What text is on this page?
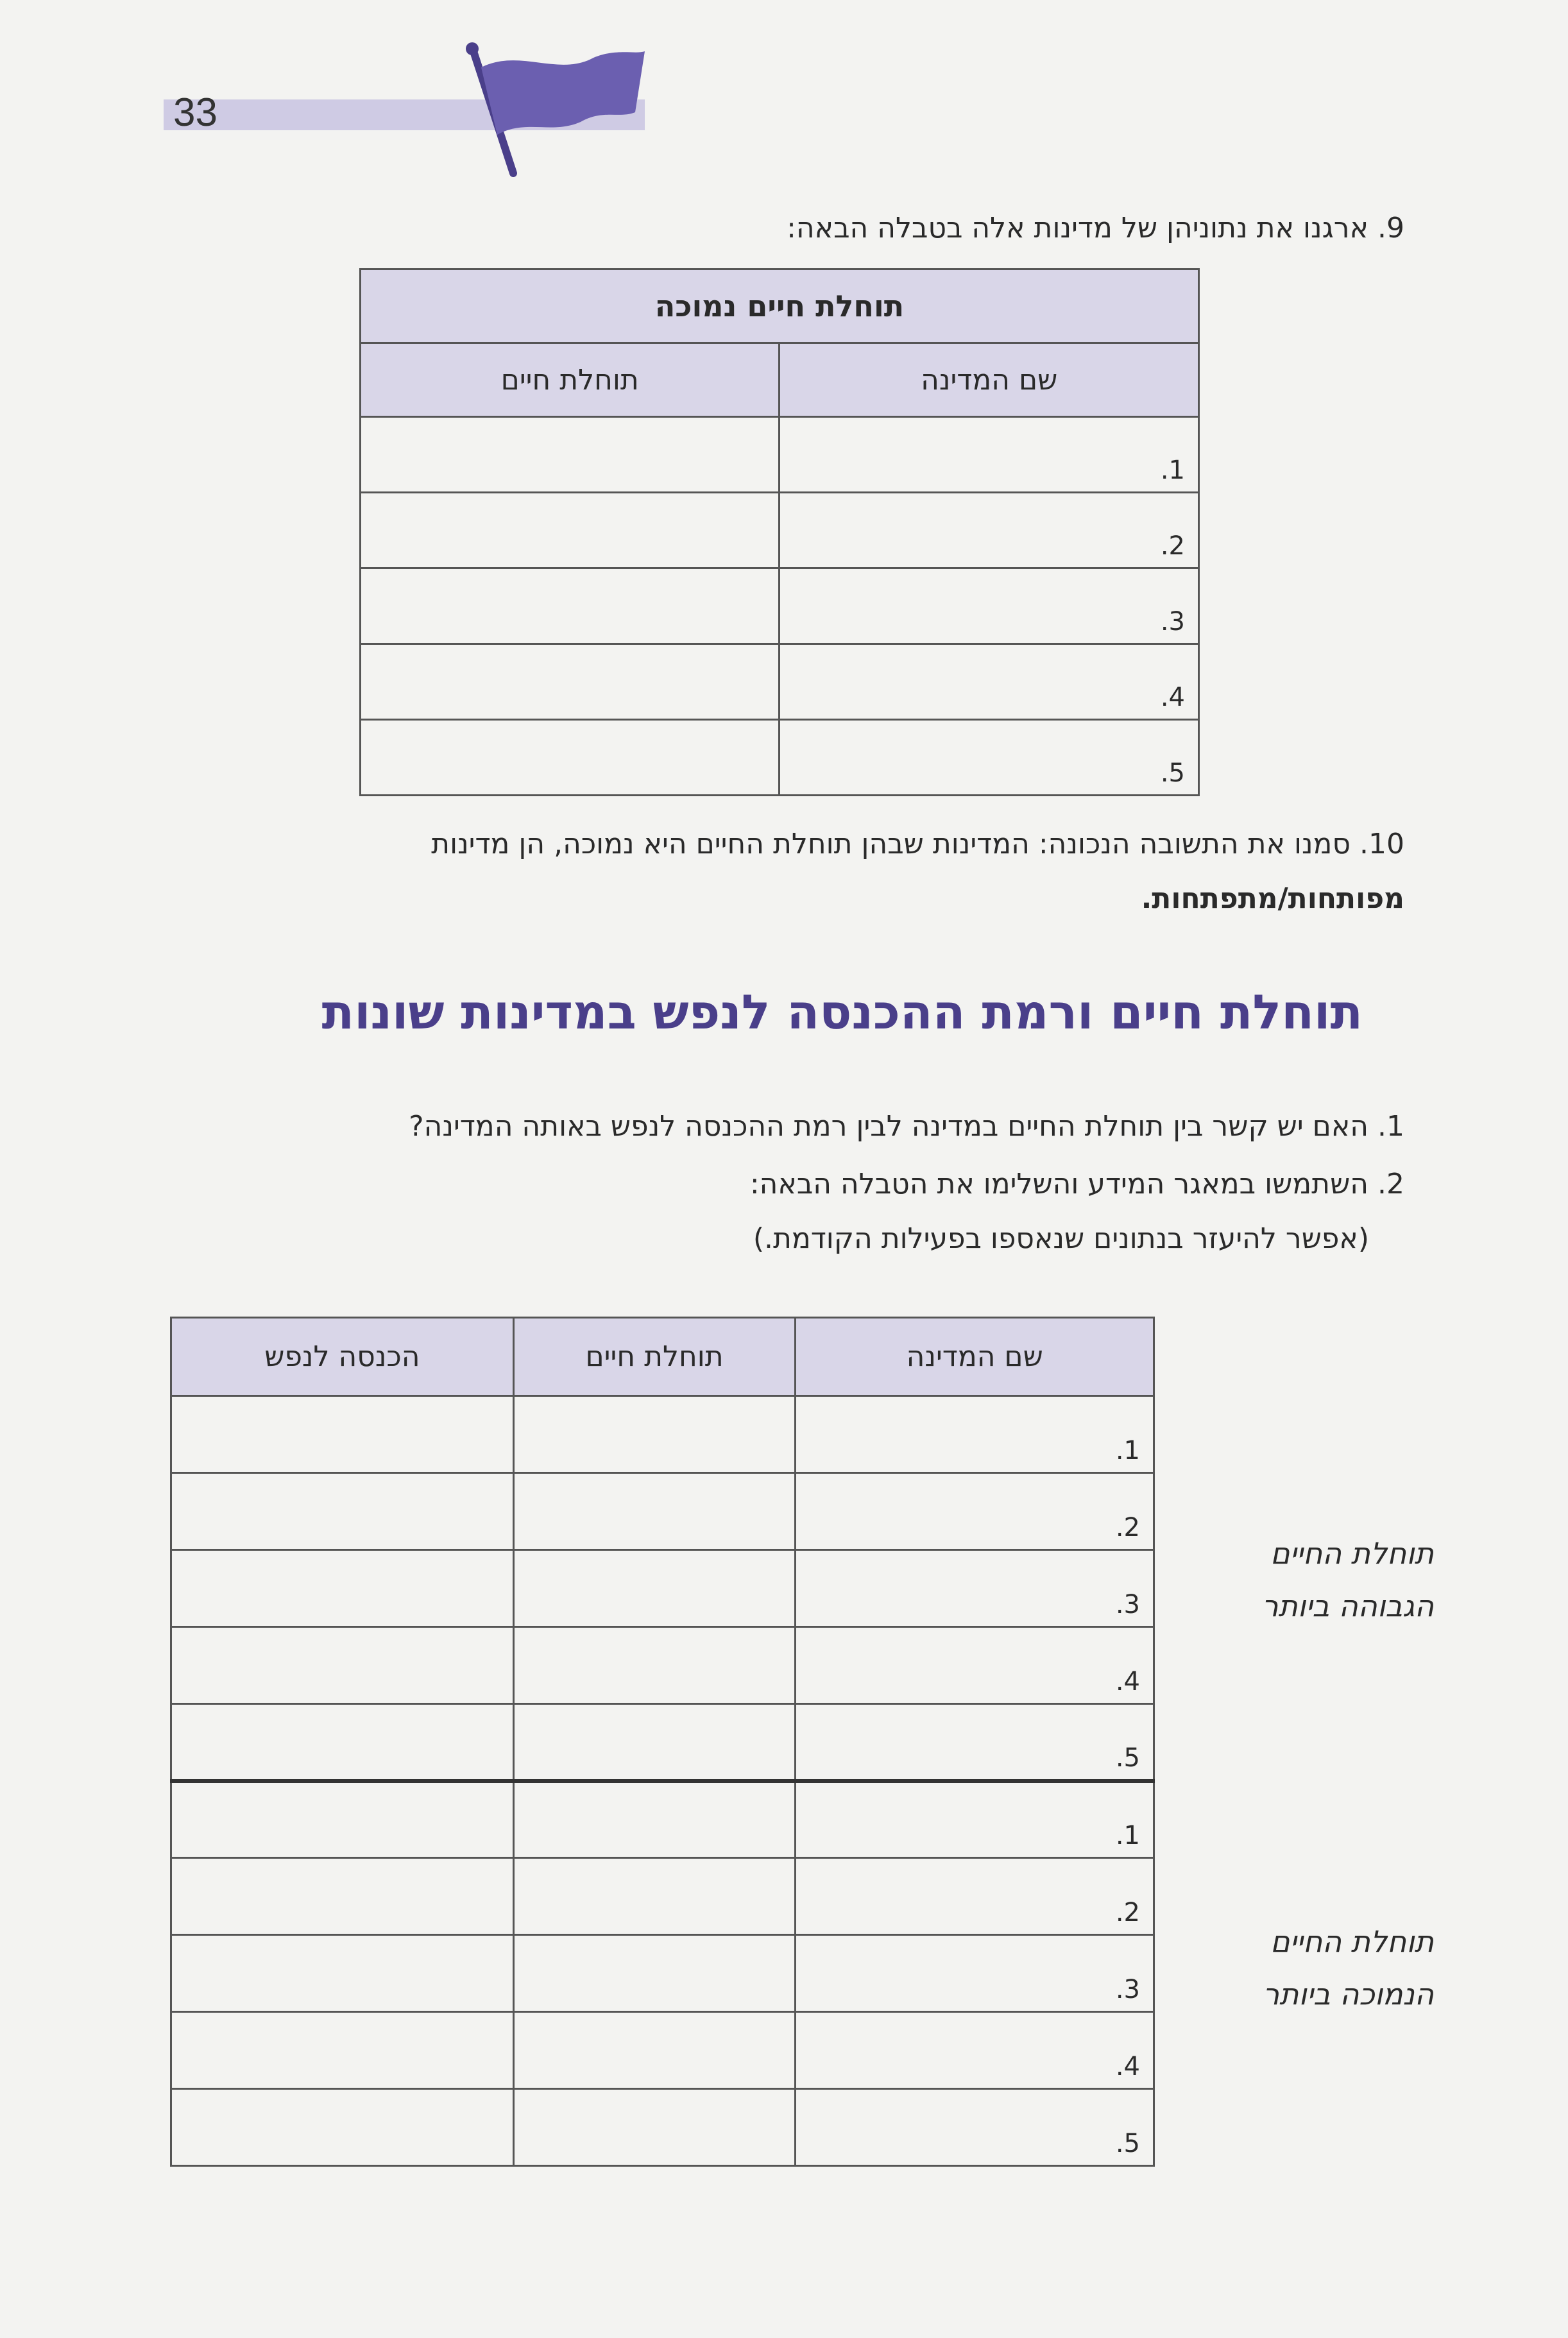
33
9.ארגנו את נתוניהן של מדינות אלה בטבלה הבאה:
תוחלת חיים נמוכה	
שם המדינה	תוחלת חיים
1.	
2.	
3.	
4.	
5.	
10.סמנו את התשובה הנכונה: המדינות שבהן תוחלת החיים היא נמוכה, הן מדינות
מפותחות/מתפתחות.
תוחלת חיים ורמת ההכנסה לנפש במדינות שונות
1.האם יש קשר בין תוחלת החיים במדינה לבין רמת ההכנסה לנפש באותה המדינה?
2.השתמשו במאגר המידע והשלימו את הטבלה הבאה:
(אפשר להיעזר בנתונים שנאספו בפעילות הקודמת.)
שם המדינה	תוחלת חיים	הכנסה לנפש
1.		
2.		
3.		
4.		
5.		
1.		
2.		
3.		
4.		
5.		
תוחלת החיים
הגבוהה ביותר
תוחלת החיים
הנמוכה ביותר
